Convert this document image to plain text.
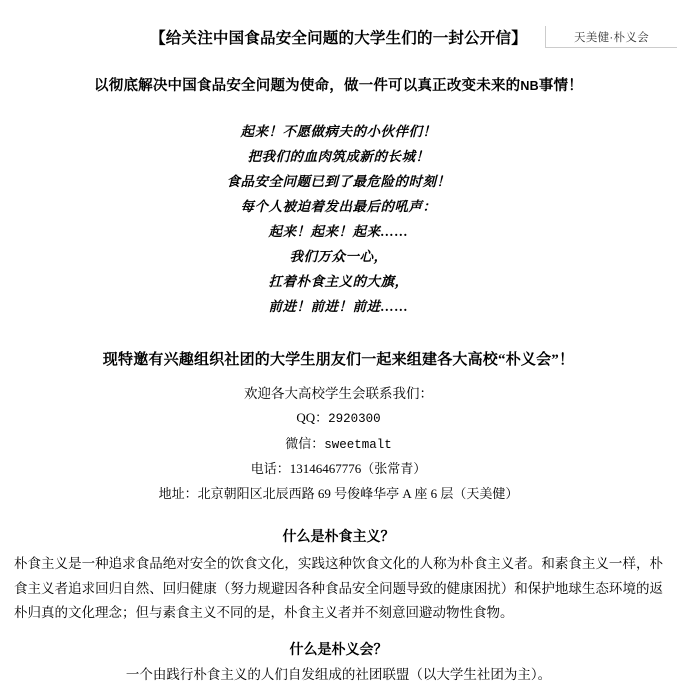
天美健·朴义会
【给关注中国食品安全问题的大学生们的一封公开信】
以彻底解决中国食品安全问题为使命，做一件可以真正改变未来的NB事情！
起来！不愿做病夫的小伙伴们！
把我们的血肉筑成新的长城！
食品安全问题已到了最危险的时刻！
每个人被迫着发出最后的吼声：
起来！起来！起来……
我们万众一心，
扛着朴食主义的大旗，
前进！前进！前进……
现特邀有兴趣组织社团的大学生朋友们一起来组建各大高校“朴义会”！
欢迎各大高校学生会联系我们：
QQ：2920300
微信：sweetmalt
电话：13146467776（张常青）
地址：北京朝阳区北辰西路 69 号俊峰华亭 A 座 6 层（天美健）
什么是朴食主义？
朴食主义是一种追求食品绝对安全的饮食文化，实践这种饮食文化的人称为朴食主义者。和素食主义一样，朴食主义者追求回归自然、回归健康（努力规避因各种食品安全问题导致的健康困扰）和保护地球生态环境的返朴归真的文化理念；但与素食主义不同的是，朴食主义者并不刻意回避动物性食物。
什么是朴义会？
一个由践行朴食主义的人们自发组成的社团联盟（以大学生社团为主）。
